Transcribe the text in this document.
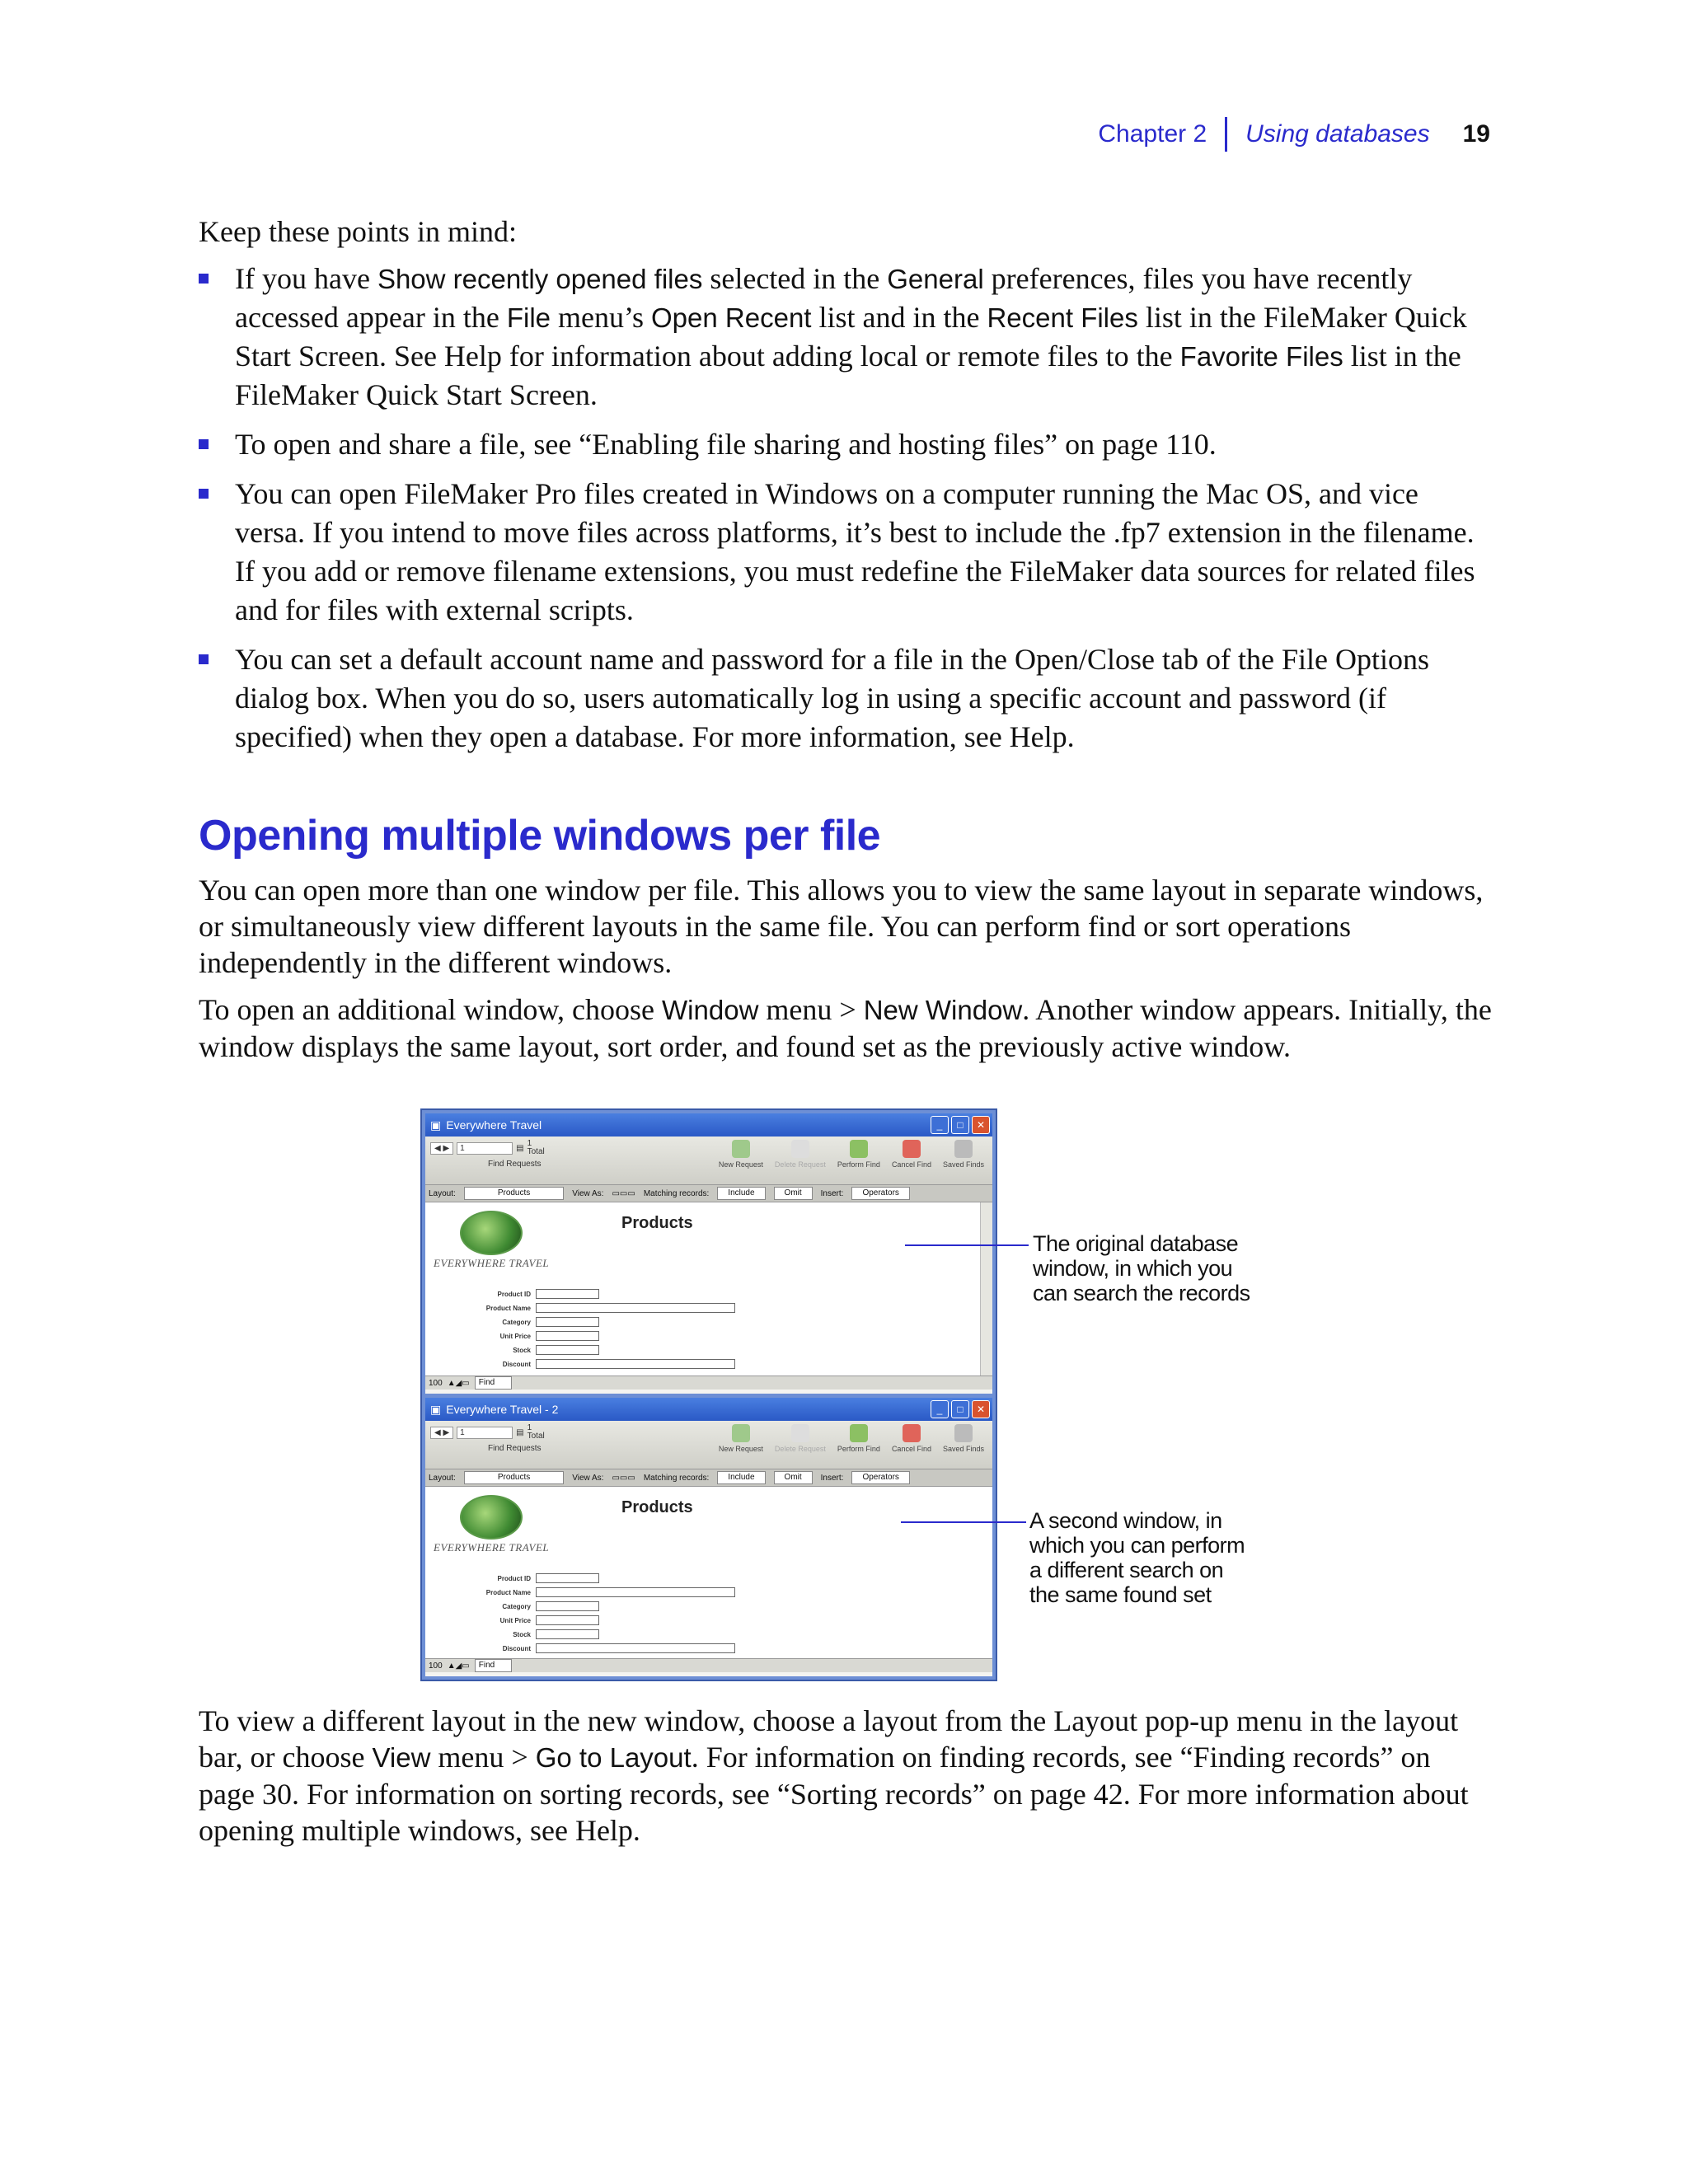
Chapter 2 Using databases 19

Keep these points in mind:

If you have Show recently opened files selected in the General preferences, files you have recently accessed appear in the File menu’s Open Recent list and in the Recent Files list in the FileMaker Quick Start Screen. See Help for information about adding local or remote files to the Favorite Files list in the FileMaker Quick Start Screen.
To open and share a file, see “Enabling file sharing and hosting files” on page 110.
You can open FileMaker Pro files created in Windows on a computer running the Mac OS, and vice versa. If you intend to move files across platforms, it’s best to include the .fp7 extension in the filename. If you add or remove filename extensions, you must redefine the FileMaker data sources for related files and for files with external scripts.
You can set a default account name and password for a file in the Open/Close tab of the File Options dialog box. When you do so, users automatically log in using a specific account and password (if specified) when they open a database. For more information, see Help.
Opening multiple windows per file

You can open more than one window per file. This allows you to view the same layout in separate windows, or simultaneously view different layouts in the same file. You can perform find or sort operations independently in the different windows.

To open an additional window, choose Window menu > New Window. Another window appears. Initially, the window displays the same layout, sort order, and found set as the previously active window.

▣ Everywhere Travel	_	□	✕
◀ ▶	1	▤ 1
Total
Find Requests	New Request Delete Request Perform Find Cancel Find Saved Finds
Layout:	Products	View As: ▭▭▭ Matching records:	Include	Omit	Insert:	Operators
EVERYWHERE TRAVEL
Products
Product ID
Product Name
Category
Unit Price
Stock
Discount
100 ▲◢▭	Find
▣ Everywhere Travel - 2	_	□	✕
◀ ▶	1	▤ 1
Total
Find Requests	New Request Delete Request Perform Find Cancel Find Saved Finds
Layout:	Products	View As: ▭▭▭ Matching records:	Include	Omit	Insert:	Operators
EVERYWHERE TRAVEL
Products
Product ID
Product Name
Category
Unit Price
Stock
Discount
100 ▲◢▭	Find
The original database
window, in which you
can search the records
A second window, in
which you can perform
a different search on
the same found set

To view a different layout in the new window, choose a layout from the Layout pop-up menu in the layout bar, or choose View menu > Go to Layout. For information on finding records, see “Finding records” on page 30. For information on sorting records, see “Sorting records” on page 42. For more information about opening multiple windows, see Help.
